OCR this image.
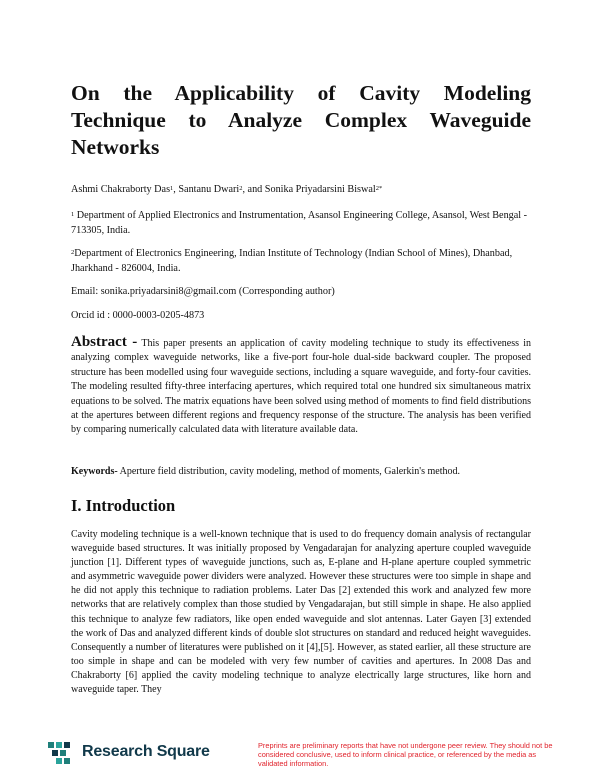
On the Applicability of Cavity Modeling Technique to Analyze Complex Waveguide Networks

Ashmi Chakraborty Das$^1$, Santanu Dwari$^2$, and Sonika Priyadarsini Biswal$^{2*}$

$^1$ Department of Applied Electronics and Instrumentation, Asansol Engineering College, Asansol, West Bengal - 713305, India.

$^2$Department of Electronics Engineering, Indian Institute of Technology (Indian School of Mines), Dhanbad, Jharkhand - 826004, India.

Email: sonika.priyadarsini8@gmail.com (Corresponding author)

Orcid id : 0000-0003-0205-4873

Abstract - This paper presents an application of cavity modeling technique to study its effectiveness in analyzing complex waveguide networks, like a five-port four-hole dual-side backward coupler. The proposed structure has been modelled using four waveguide sections, including a square waveguide, and forty-four cavities. The modeling resulted fifty-three interfacing apertures, which required total one hundred six simultaneous matrix equations to be solved. The matrix equations have been solved using method of moments to find field distributions at the apertures between different regions and frequency response of the structure. The analysis has been verified by comparing numerically calculated data with literature available data.

Keywords- Aperture field distribution, cavity modeling, method of moments, Galerkin's method.

I. Introduction

Cavity modeling technique is a well-known technique that is used to do frequency domain analysis of rectangular waveguide based structures. It was initially proposed by Vengadarajan for analyzing aperture coupled waveguide junction [1]. Different types of waveguide junctions, such as, E-plane and H-plane aperture coupled symmetric and asymmetric waveguide power dividers were analyzed. However these structures were too simple in shape and he did not apply this technique to radiation problems. Later Das [2] extended this work and analyzed few more networks that are relatively complex than those studied by Vengadarajan, but still simple in shape. He also applied this technique to analyze few radiators, like open ended waveguide and slot antennas. Later Gayen [3] extended the work of Das and analyzed different kinds of double slot structures on standard and reduced height waveguides. Consequently a number of literatures were published on it [4],[5]. However, as stated earlier, all these structure are too simple in shape and can be modeled with very few number of cavities and apertures. In 2008 Das and Chakraborty [6] applied the cavity modeling technique to analyze electrically large structures, like horn and waveguide taper. They

Research Square	Preprints are preliminary reports that have not undergone peer review. They should not be considered conclusive, used to inform clinical practice, or referenced by the media as validated information.
